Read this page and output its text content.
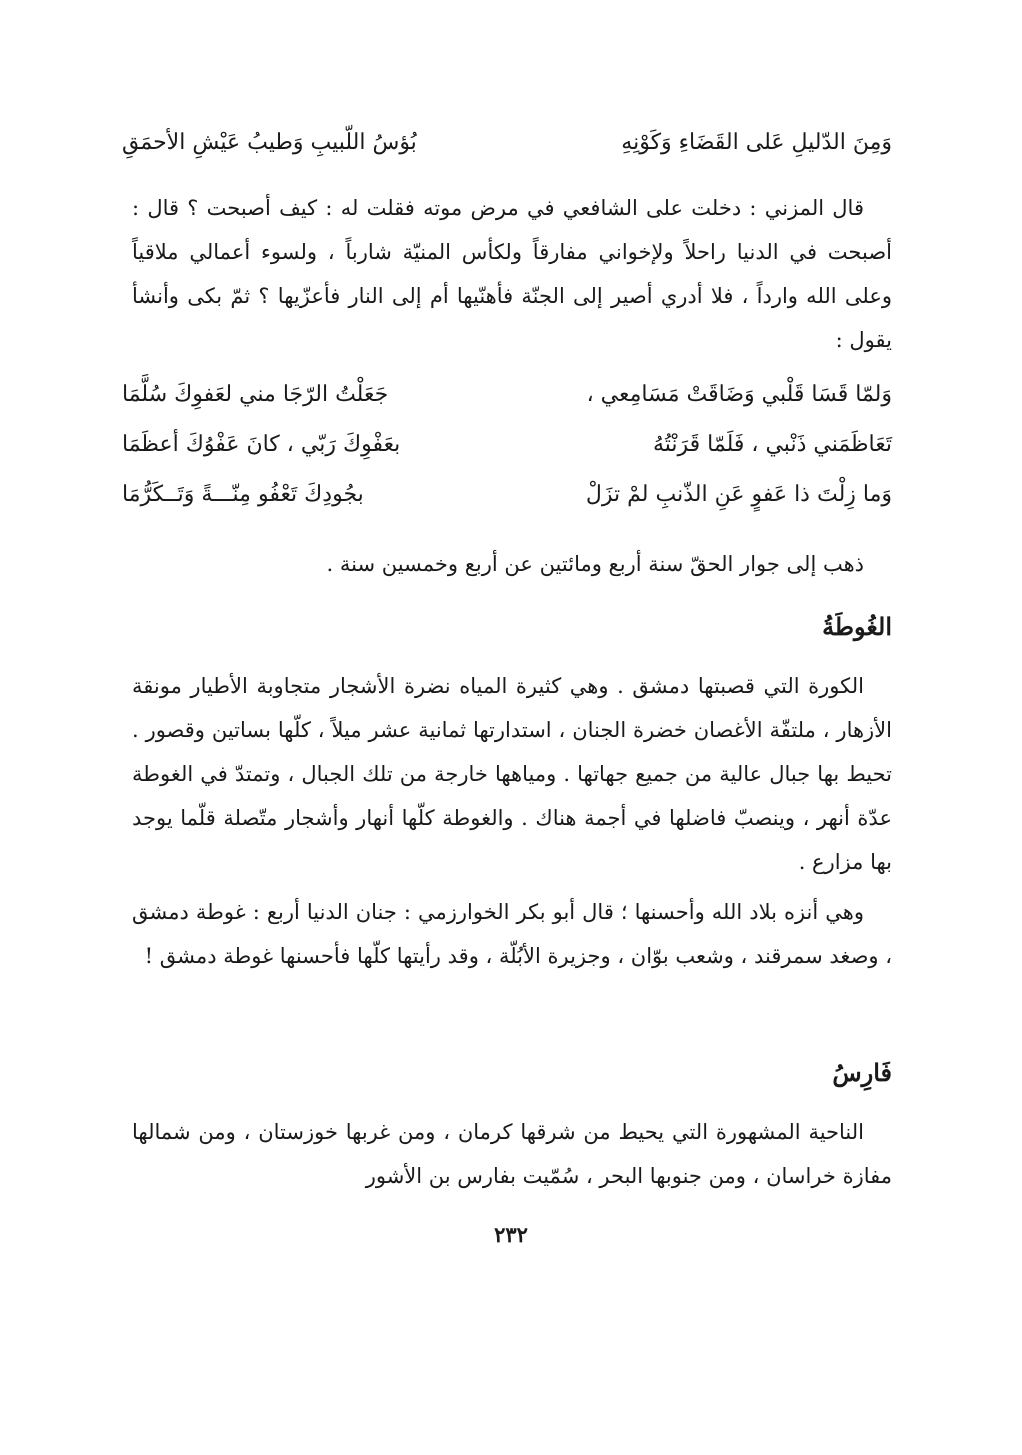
وَمِنَ الدّليلِ عَلى القَضَاءِ وَكَوْنِهِ
بُؤسُ اللّبيبِ وَطيبُ عَيْشِ الأحمَقِ
قال المزني : دخلت على الشافعي في مرض موته فقلت له : كيف أصبحت ؟ قال : أصبحت في الدنيا راحلاً ولإخواني مفارقاً ولكأس المنيّة شارباً ، ولسوء أعمالي ملاقياً وعلى الله وارداً ، فلا أدري أصير إلى الجنّة فأهنّيها أم إلى النار فأعزّيها ؟ ثمّ بكى وأنشأ يقول :
وَلمّا قَسَا قَلْبي وَضَاقَتْ مَسَامِعي ،
جَعَلْتُ الرّجَا مني لعَفوِكَ سُلَّمَا
تَعَاظَمَني ذَنْبي ، فَلَمّا قَرَنْتُهُ
بعَفْوِكَ رَبّي ، كانَ عَفْوُكَ أعظَمَا
وَما زِلْتَ ذا عَفوٍ عَنِ الذّنبِ لمْ تزَلْ
بجُودِكَ تَعْفُو مِنّـــةً وَتَــكَرُّمَا
ذهب إلى جوار الحقّ سنة أربع ومائتين عن أربع وخمسين سنة .
الغُوطَةُ
الكورة التي قصبتها دمشق . وهي كثيرة المياه نضرة الأشجار متجاوبة الأطيار مونقة الأزهار ، ملتفّة الأغصان خضرة الجنان ، استدارتها ثمانية عشر ميلاً ، كلّها بساتين وقصور . تحيط بها جبال عالية من جميع جهاتها . ومياهها خارجة من تلك الجبال ، وتمتدّ في الغوطة عدّة أنهر ، وينصبّ فاضلها في أجمة هناك . والغوطة كلّها أنهار وأشجار متّصلة قلّما يوجد بها مزارع .
وهي أنزه بلاد الله وأحسنها ؛ قال أبو بكر الخوارزمي : جنان الدنيا أربع : غوطة دمشق ، وصغد سمرقند ، وشعب بوّان ، وجزيرة الأبُلّة ، وقد رأيتها كلّها فأحسنها غوطة دمشق !
فَارِسُ
الناحية المشهورة التي يحيط من شرقها كرمان ، ومن غربها خوزستان ، ومن شمالها مفازة خراسان ، ومن جنوبها البحر ، سُمّيت بفارس بن الأشور
٢٣٢
